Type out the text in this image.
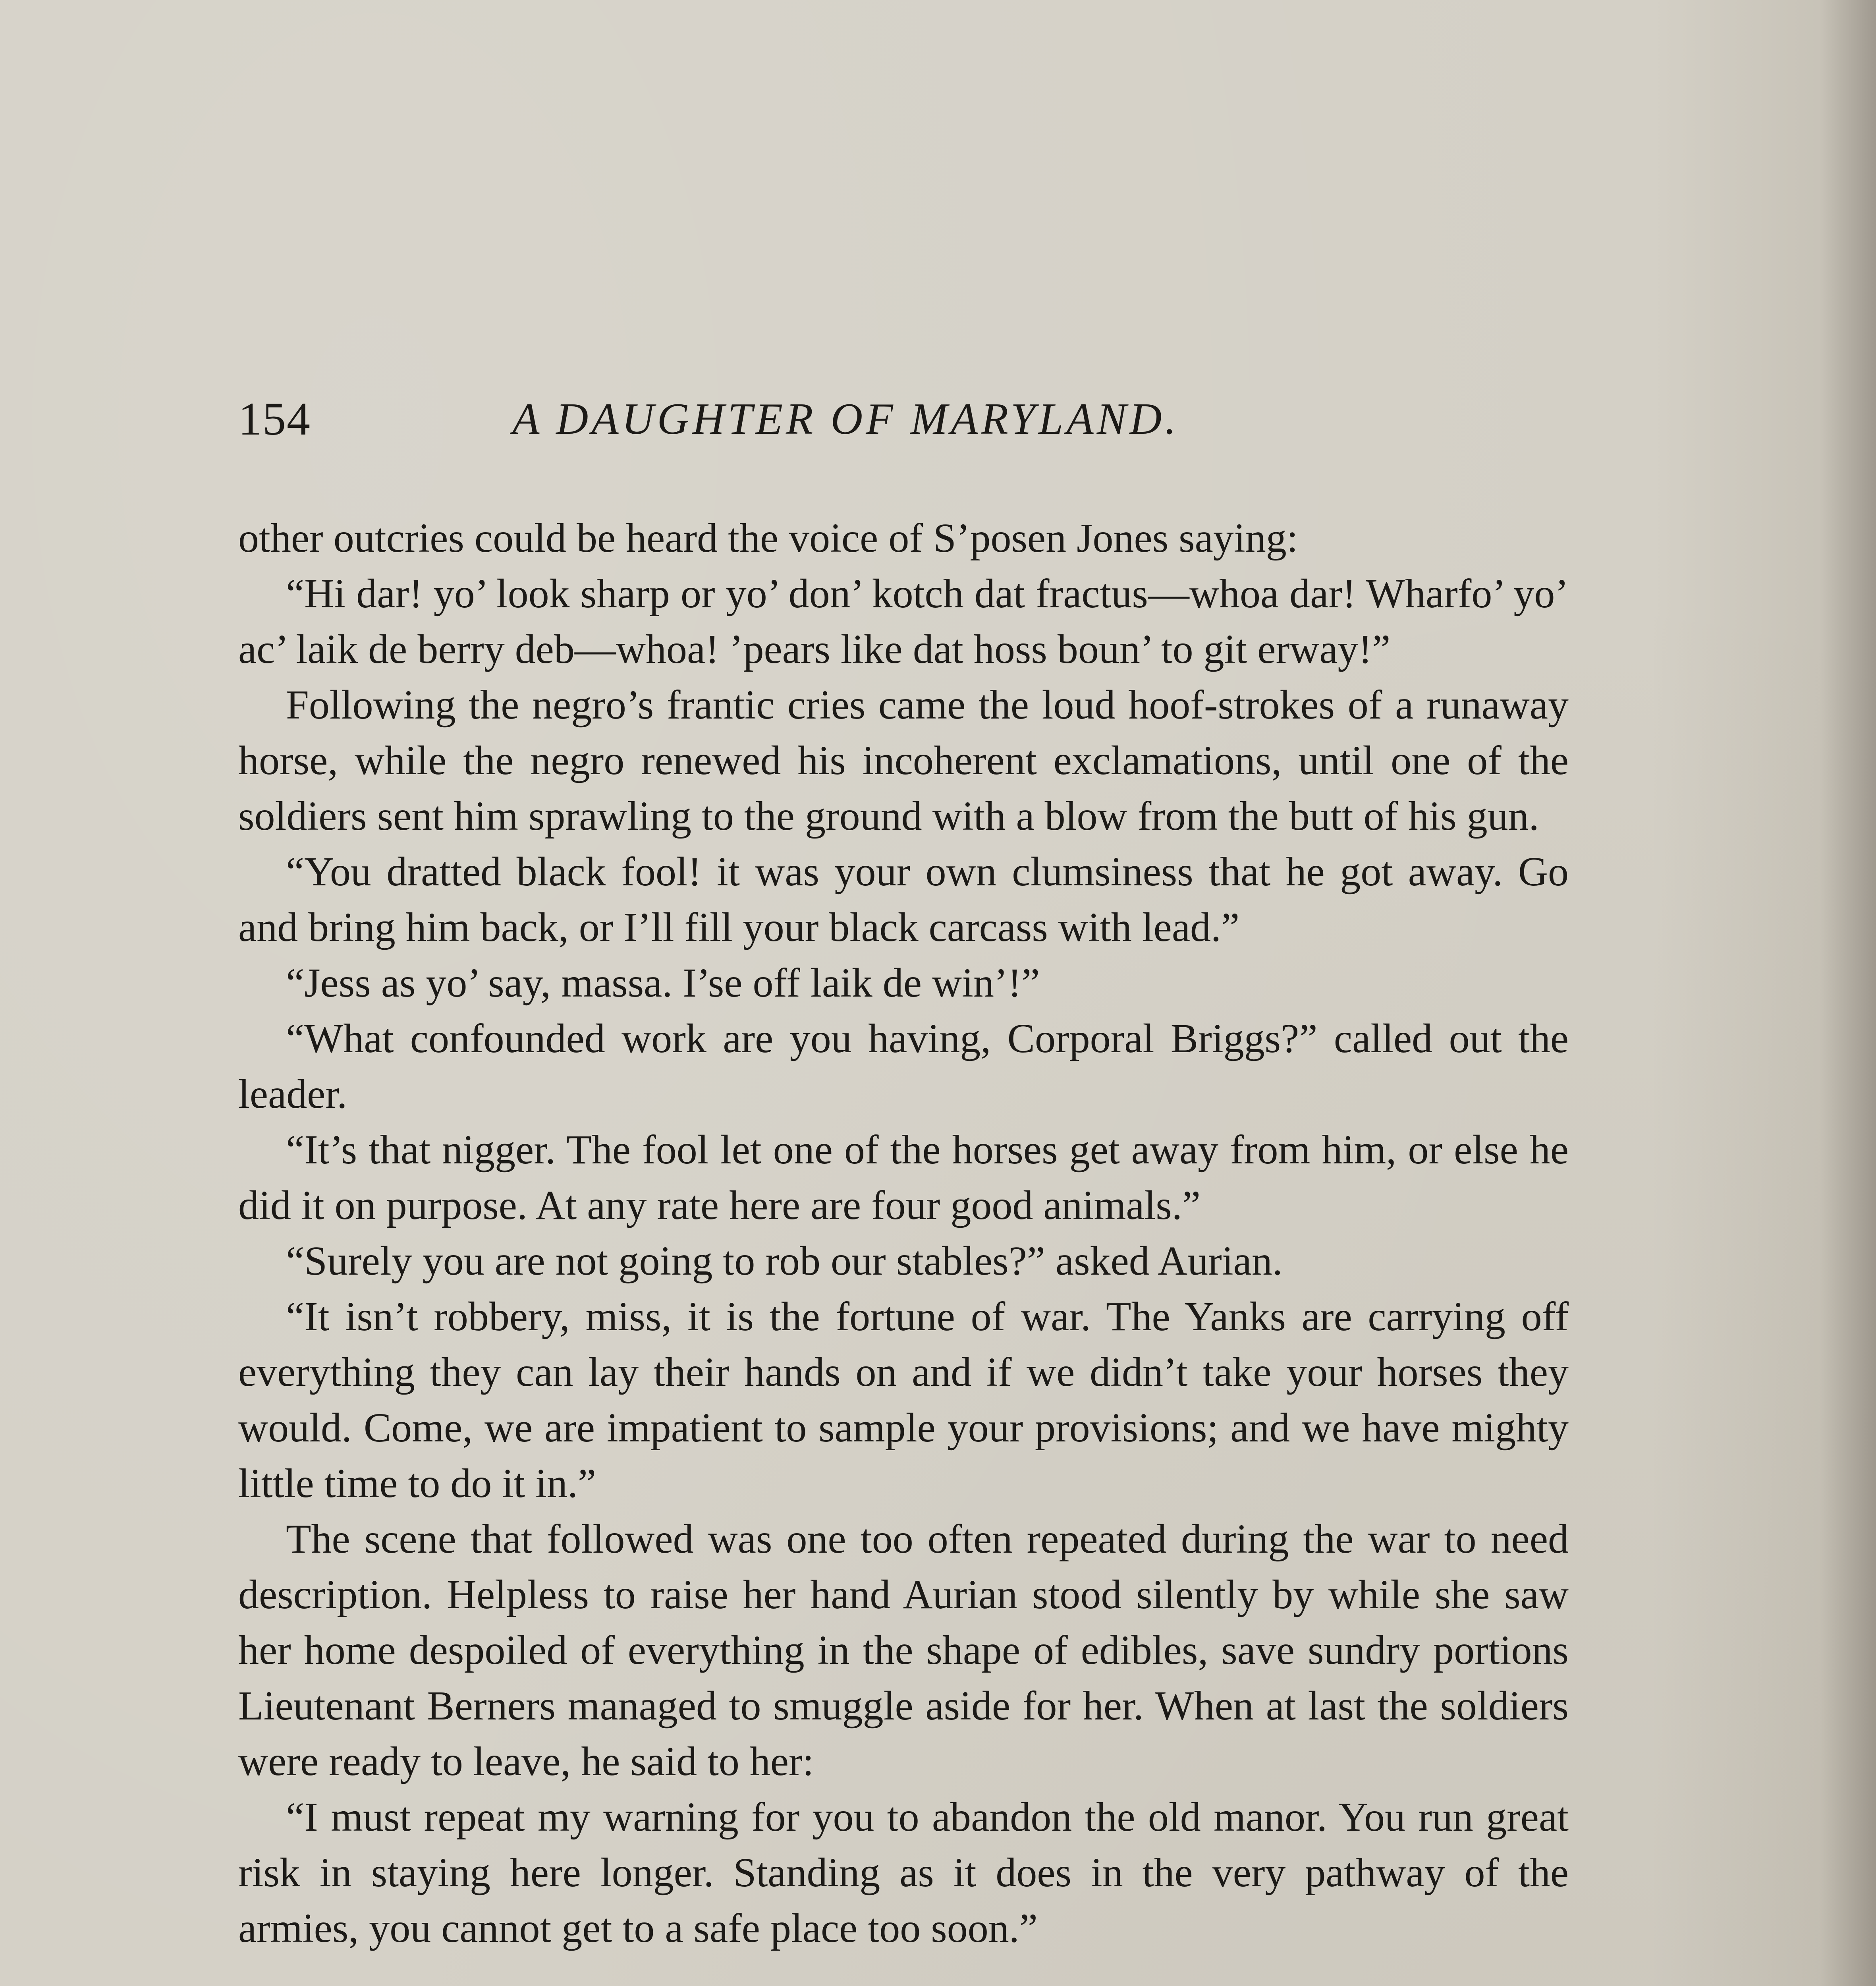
154	A DAUGHTER OF MARYLAND.

other outcries could be heard the voice of S’posen Jones saying:

“Hi dar! yo’ look sharp or yo’ don’ kotch dat fractus—whoa dar! Wharfo’ yo’ ac’ laik de berry deb—whoa! ’pears like dat hoss boun’ to git erway!”

Following the negro’s frantic cries came the loud hoof-strokes of a runaway horse, while the negro renewed his incoherent exclamations, until one of the soldiers sent him sprawling to the ground with a blow from the butt of his gun.

“You dratted black fool! it was your own clumsiness that he got away. Go and bring him back, or I’ll fill your black carcass with lead.”

“Jess as yo’ say, massa. I’se off laik de win’!”

“What confounded work are you having, Corporal Briggs?” called out the leader.

“It’s that nigger. The fool let one of the horses get away from him, or else he did it on purpose. At any rate here are four good animals.”

“Surely you are not going to rob our stables?” asked Aurian.

“It isn’t robbery, miss, it is the fortune of war. The Yanks are carrying off everything they can lay their hands on and if we didn’t take your horses they would. Come, we are impatient to sample your provisions; and we have mighty little time to do it in.”

The scene that followed was one too often repeated during the war to need description. Helpless to raise her hand Aurian stood silently by while she saw her home despoiled of everything in the shape of edibles, save sundry portions Lieutenant Berners managed to smuggle aside for her. When at last the soldiers were ready to leave, he said to her:

“I must repeat my warning for you to abandon the old manor. You run great risk in staying here longer. Standing as it does in the very pathway of the armies, you cannot get to a safe place too soon.”
